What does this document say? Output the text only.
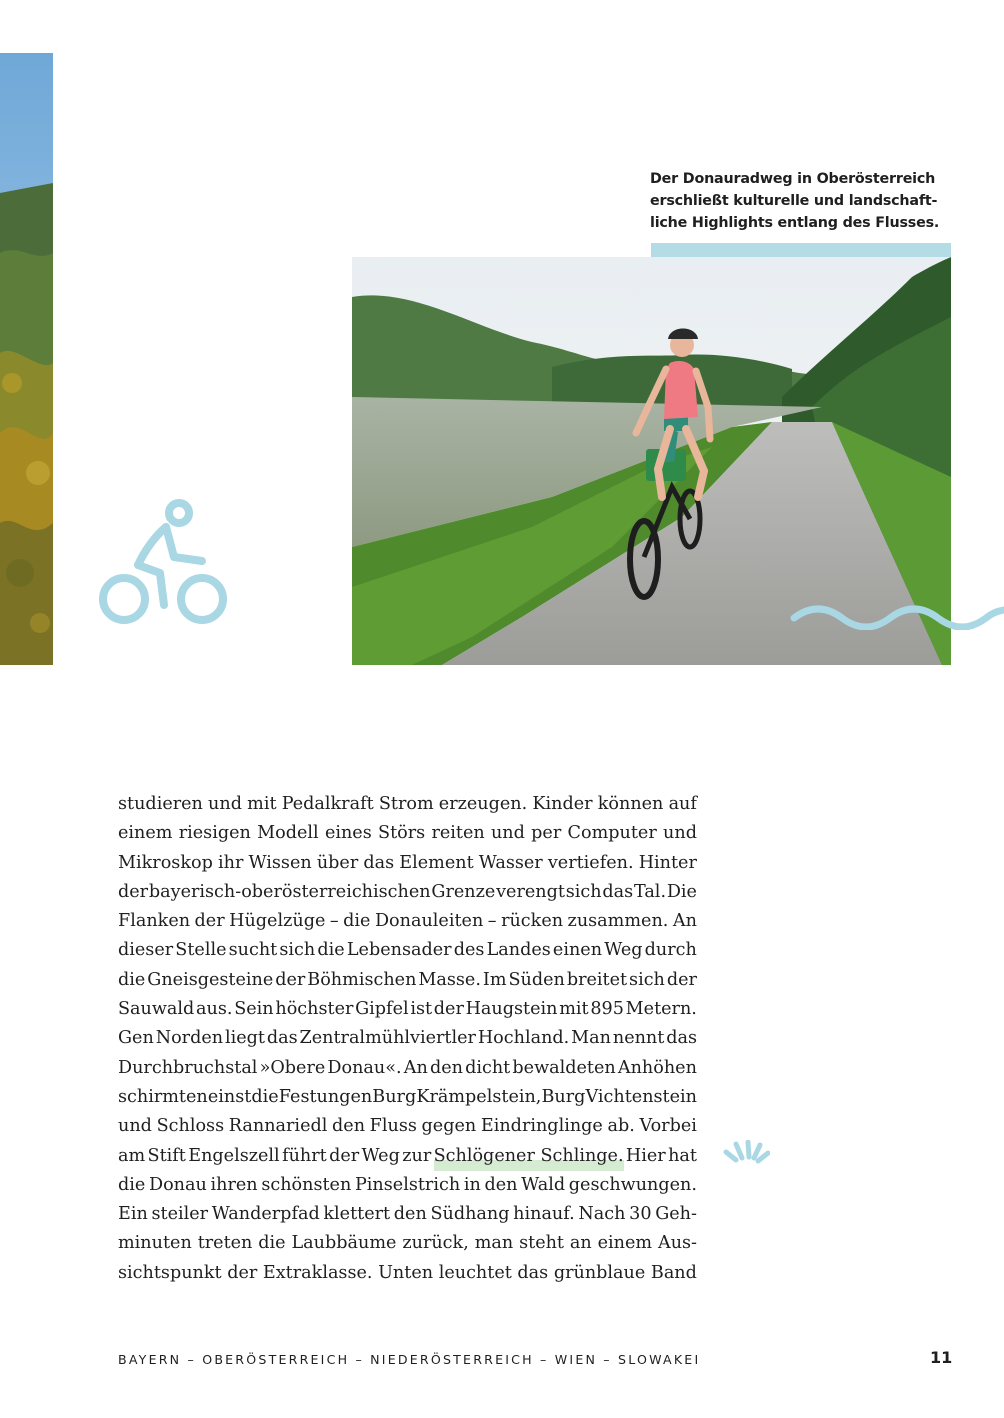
Der Donauradweg in Oberösterreich
erschließt kulturelle und landschaft-
liche Highlights entlang des Flusses.
studieren und mit Pedalkraft Strom erzeugen. Kinder können auf
einem riesigen Modell eines Störs reiten und per Computer und
Mikroskop ihr Wissen über das Element Wasser vertiefen. Hinter
der bayerisch-oberösterreichischen Grenze verengt sich das Tal. Die
Flanken der Hügelzüge – die Donauleiten – rücken zusammen. An
dieser Stelle sucht sich die Lebensader des Landes einen Weg durch
die Gneisgesteine der Böhmischen Masse. Im Süden breitet sich der
Sauwald aus. Sein höchster Gipfel ist der Haugstein mit 895 Metern.
Gen Norden liegt das Zentralmühlviertler Hochland. Man nennt das
Durchbruchstal »Obere Donau«. An den dicht bewaldeten Anhöhen
schirmten einst die Festungen Burg Krämpelstein, Burg Vichtenstein
und Schloss Rannariedl den Fluss gegen Eindringlinge ab. Vorbei
am Stift Engelszell führt der Weg zur Schlögener Schlinge. Hier hat
die Donau ihren schönsten Pinselstrich in den Wald geschwungen.
Ein steiler Wanderpfad klettert den Südhang hinauf. Nach 30 Geh-
minuten treten die Laubbäume zurück, man steht an einem Aus-
sichtspunkt der Extraklasse. Unten leuchtet das grünblaue Band
BAYERN – OBERÖSTERREICH – NIEDERÖSTERREICH – WIEN – SLOWAKEI	11
